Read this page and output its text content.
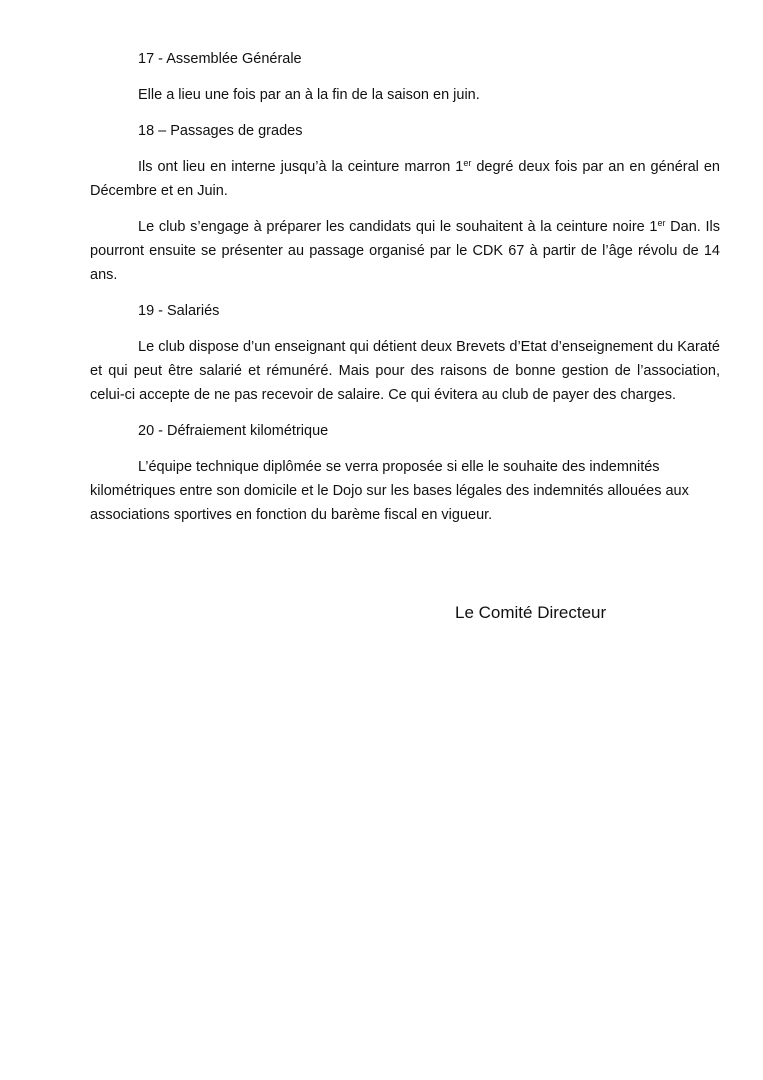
17 - Assemblée Générale

Elle a lieu une fois par an à la fin de la saison en juin.

18 – Passages de grades

Ils ont lieu en interne jusqu’à la ceinture marron 1er degré deux fois par an en général en Décembre et en Juin.

Le club s’engage à préparer les candidats qui le souhaitent à la ceinture noire 1er Dan. Ils pourront ensuite se présenter au passage organisé par le CDK 67 à partir de l’âge révolu de 14 ans.

19 - Salariés

Le club dispose d’un enseignant qui détient deux Brevets d’Etat d’enseignement du Karaté et qui peut être salarié et rémunéré. Mais pour des raisons de bonne gestion de l’association, celui-ci accepte de ne pas recevoir de salaire. Ce qui évitera au club de payer des charges.

20 - Défraiement kilométrique

L’équipe technique diplômée se verra proposée si elle le souhaite des indemnités kilométriques entre son domicile et le Dojo sur les bases légales des indemnités allouées aux associations sportives en fonction du barème fiscal en vigueur.

Le Comité Directeur
